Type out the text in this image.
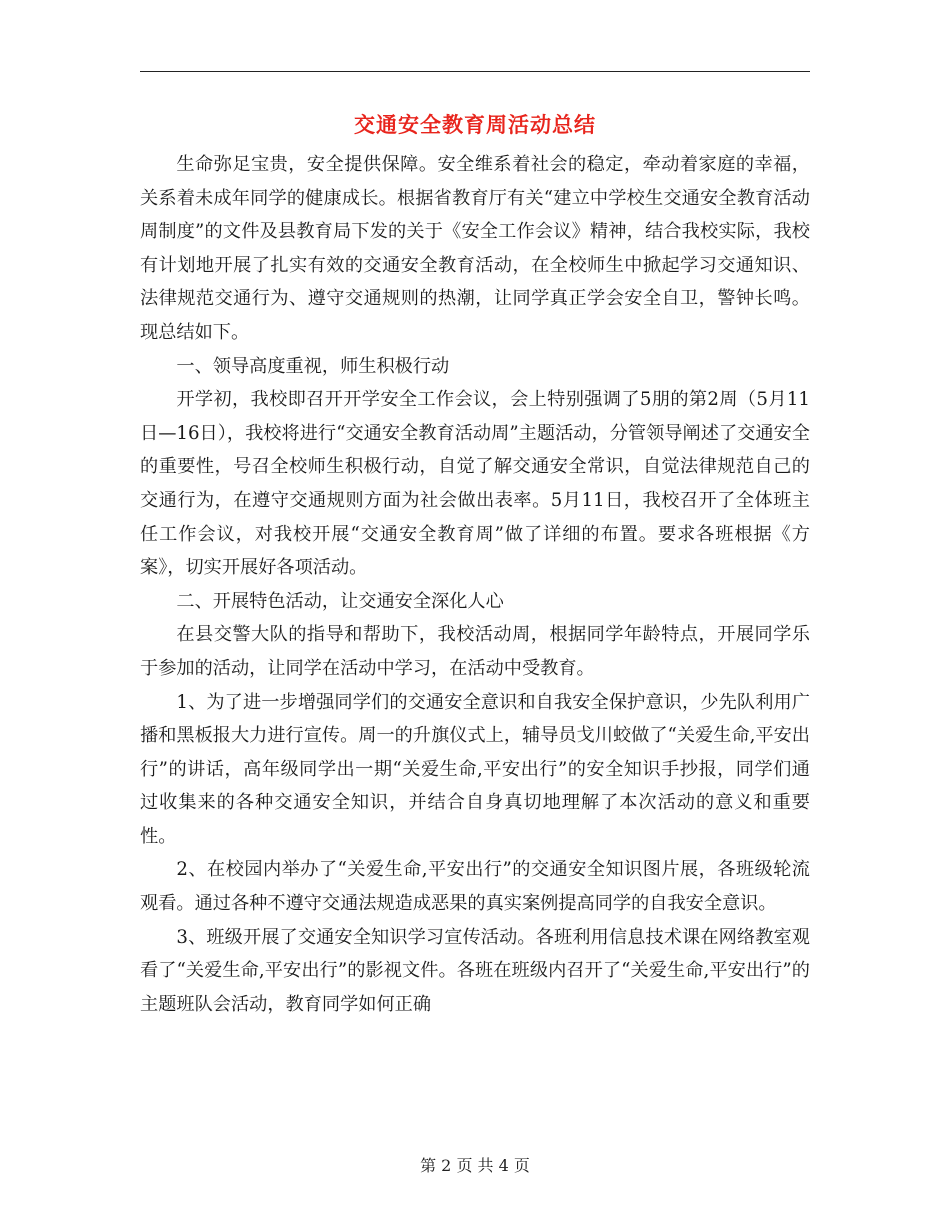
交通安全教育周活动总结

生命弥足宝贵，安全提供保障。安全维系着社会的稳定，牵动着家庭的幸福，关系着未成年同学的健康成长。根据省教育厅有关“建立中学校生交通安全教育活动周制度”的文件及县教育局下发的关于《安全工作会议》精神，结合我校实际，我校有计划地开展了扎实有效的交通安全教育活动，在全校师生中掀起学习交通知识、法律规范交通行为、遵守交通规则的热潮，让同学真正学会安全自卫，警钟长鸣。现总结如下。

一、领导高度重视，师生积极行动

开学初，我校即召开开学安全工作会议，会上特别强调了5朋的第2周（5月11日—16日），我校将进行“交通安全教育活动周”主题活动，分管领导阐述了交通安全的重要性，号召全校师生积极行动，自觉了解交通安全常识，自觉法律规范自己的交通行为，在遵守交通规则方面为社会做出表率。5月11日，我校召开了全体班主任工作会议，对我校开展“交通安全教育周”做了详细的布置。要求各班根据《方案》，切实开展好各项活动。

二、开展特色活动，让交通安全深化人心

在县交警大队的指导和帮助下，我校活动周，根据同学年龄特点，开展同学乐于参加的活动，让同学在活动中学习，在活动中受教育。

1、为了进一步增强同学们的交通安全意识和自我安全保护意识，少先队利用广播和黑板报大力进行宣传。周一的升旗仪式上，辅导员戈川蛟做了“关爱生命,平安出行”的讲话，高年级同学出一期“关爱生命,平安出行”的安全知识手抄报，同学们通过收集来的各种交通安全知识，并结合自身真切地理解了本次活动的意义和重要性。

2、在校园内举办了“关爱生命,平安出行”的交通安全知识图片展，各班级轮流观看。通过各种不遵守交通法规造成恶果的真实案例提高同学的自我安全意识。

3、班级开展了交通安全知识学习宣传活动。各班利用信息技术课在网络教室观看了“关爱生命,平安出行”的影视文件。各班在班级内召开了“关爱生命,平安出行”的主题班队会活动，教育同学如何正确

第 2 页 共 4 页
